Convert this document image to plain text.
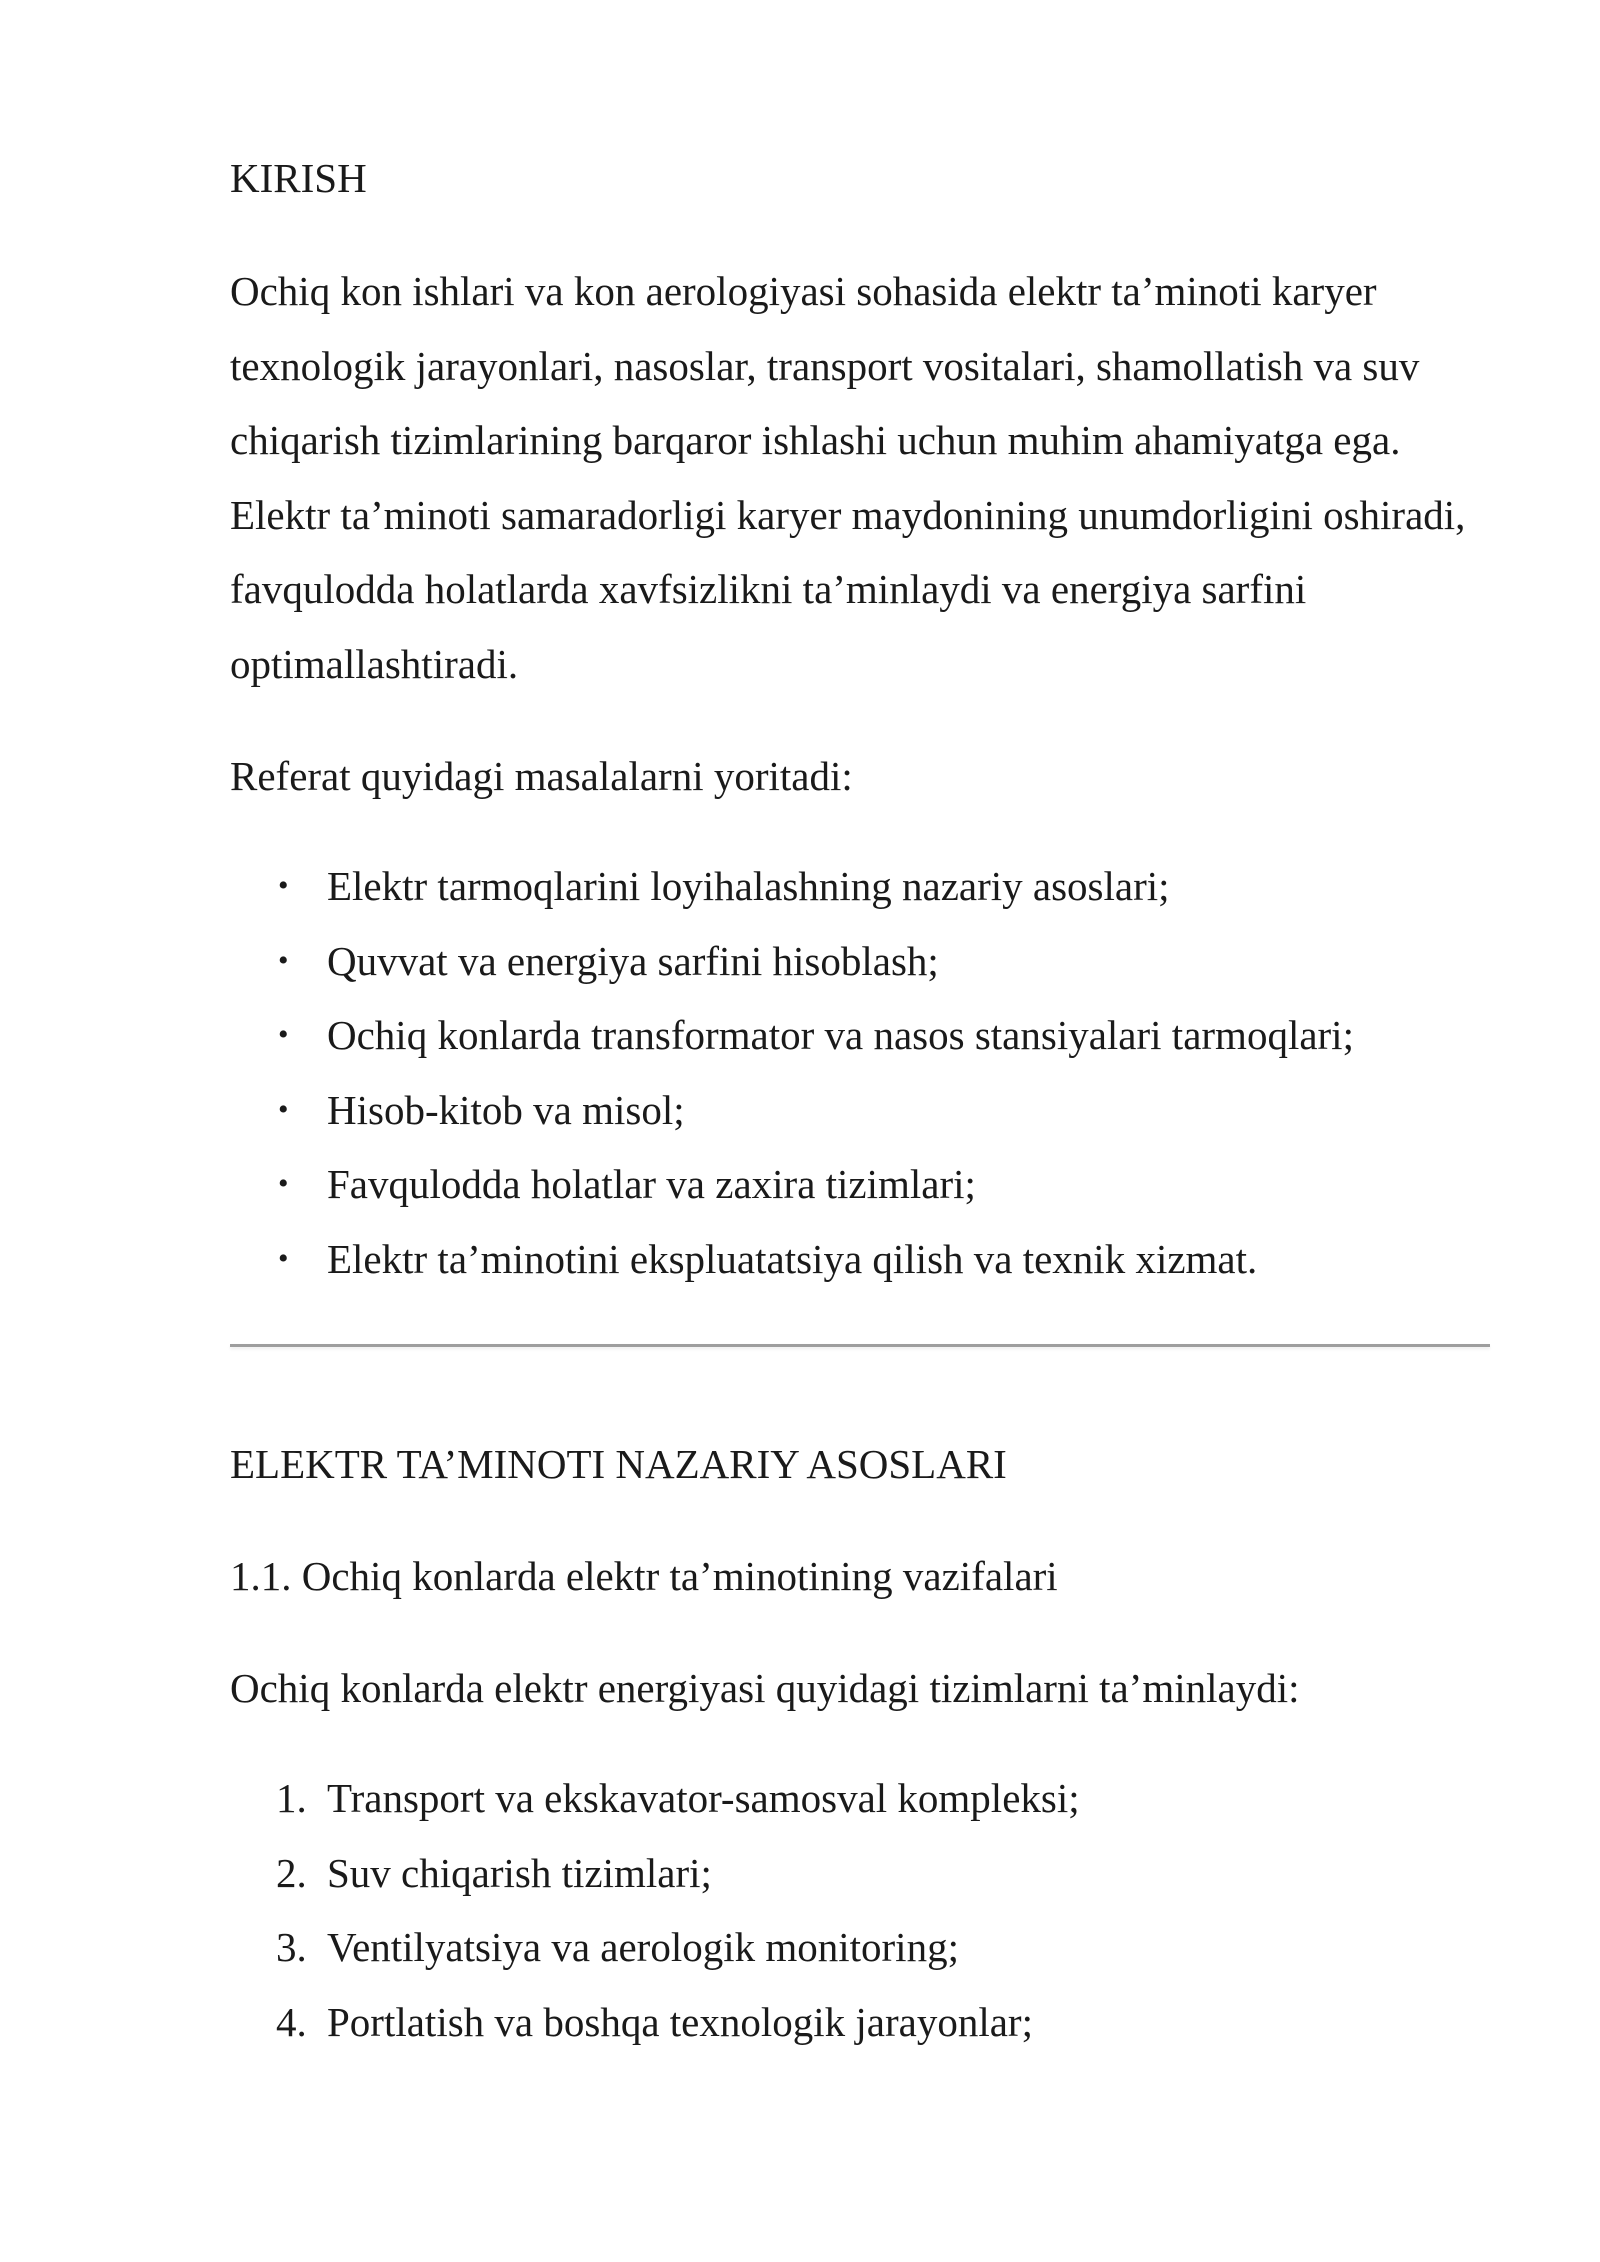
KIRISH

Ochiq kon ishlari va kon aerologiyasi sohasida elektr ta’minoti karyer texnologik jarayonlari, nasoslar, transport vositalari, shamollatish va suv chiqarish tizimlarining barqaror ishlashi uchun muhim ahamiyatga ega. Elektr ta’minoti samaradorligi karyer maydonining unumdorligini oshiradi, favqulodda holatlarda xavfsizlikni ta’minlaydi va energiya sarfini optimallashtiradi.

Referat quyidagi masalalarni yoritadi:

• Elektr tarmoqlarini loyihalashning nazariy asoslari;
• Quvvat va energiya sarfini hisoblash;
• Ochiq konlarda transformator va nasos stansiyalari tarmoqlari;
• Hisob-kitob va misol;
• Favqulodda holatlar va zaxira tizimlari;
• Elektr ta’minotini ekspluatatsiya qilish va texnik xizmat.
ELEKTR TA’MINOTI NAZARIY ASOSLARI
1.1. Ochiq konlarda elektr ta’minotining vazifalari

Ochiq konlarda elektr energiyasi quyidagi tizimlarni ta’minlaydi:

1. Transport va ekskavator-samosval kompleksi;
2. Suv chiqarish tizimlari;
3. Ventilyatsiya va aerologik monitoring;
4. Portlatish va boshqa texnologik jarayonlar;
